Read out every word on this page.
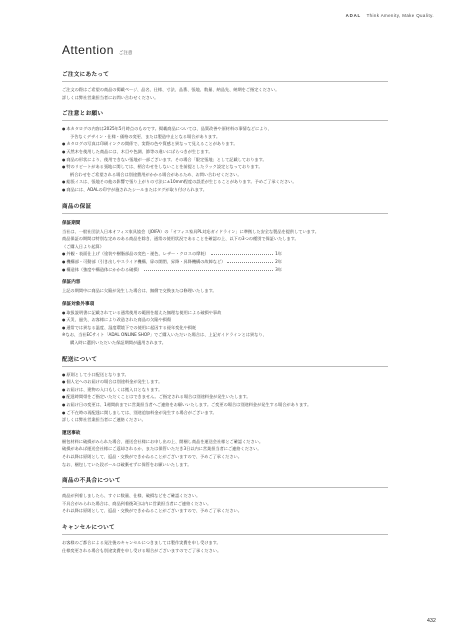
ADAL Think Amenity, Make Quality.
Attention ご注意
ご注文にあたって
ご注文の際はご希望の商品の掲載ページ、品名、仕様、寸法、品番、張地、数量、納品先、納期をご指定ください。
詳しくは弊社営業担当者にお問い合わせください。
ご注意とお願い
● 本カタログの内容は2025年5月時点のものです。掲載商品については、品質改善や原材料の事情などにより、
予告なくデザイン・仕様・価格の変更、または製造中止となる場合があります。
● カタログの写真は印刷インクの関係で、実際の色や質感と異なって見えることがあります。
● 天然木を使用した商品には、木目や色調、節等の違いにばらつきが生じます。
● 商品の形状により、使用できない張地が一部ございます。その場合「限定張地」として記載しております。
● 特のリピートがある張地に関しては、柄合わせをしないことを前提としたラック設定となっております。
柄合わせをご希望される場合は別途費用がかかる場合があるため、お問い合わせください。
● 総張イスは、張地その他の影響で張り上がりの寸法に±10mm程度の誤差が生じることがあります。予めご了承ください。
● 商品には、ADALの印字が施されたシールまたはタグが取り付けられます。
商品の保証
保証期間
当社は、一般社団法人日本オフィス家具協会（JOIFA）の「オフィス家具PL対応ガイドライン」に準拠した安全な製品を提供しています。
商品保証の期間は特別な定めのある商品を除き、通常の使用状況であることを確認の上、以下の3つの種別で保証いたします。
（ご購入日より起算）
● 外観・表面仕上げ（塗装や樹脂部品の変色・褪色、レザー・クロスの摩耗）	1年
● 機構部・可動部（引き出しやスライド機構、扉の開閉、昇降・昇降機構の故障など）	2年
● 構造体（強度や構造体にかかわる破損）	3年
保証内容
上記の期間中に商品に欠陥が発生した場合は、無償で交換または修理いたします。
保証対象外事項
● 取扱説明書に記載されている通常使用の範囲を超えた無理な使用による破損や事故
● 天災、過失、お客様により改造された商品の欠陥や損傷
● 通常では異なる温度、湿度環境下での使用に起因する経年変化や損耗
※なお、当社ECサイト「ADAL ONLINE SHOP」でご購入いただいた場合は、上記ガイドラインとは異なり、
購入時に選択いただいた保証期間が適用されます。
配送について
● 原則として小口配送となります。
● 個人宅へのお届けの場合は別途料金が発生します。
● お届けは、建物の入口もしくは搬入口となります。
● 配達時間帯をご指定いただくことはできません。ご指定される場合は別途料金が発生いたします。
● お届け日の変更は、1週間前までに営業担当者へご連絡をお願いいたします。ご変更の場合は別途料金が発生する場合があります。
● ご不在時の再配達に関しましては、別途追加料金が発生する場合がございます。
詳しくは弊社営業担当者にご連絡ください。
運送事故
梱包材料に破損がみられた場合、運送会社様にお申し出の上、開梱し商品を運送会社様とご確認ください。
破損があれば運送会社様にご返却されるか、または保管いただき3日以内に営業担当者にご連絡ください。
それ以降は原則として、返品・交換ができかねることがございますので、予めご了承ください。
なお、梱包していた段ボールは破棄せずに保管をお願いいたします。
商品の不具合について
商品が到着しましたら、すぐに数量、仕様、破損などをご確認ください。
不具合がみられた場合は、商品到着後3日以内に営業担当者にご連絡ください。
それ以降は原則として、返品・交換ができかねることがございますので、予めご了承ください。
キャンセルについて
お客様のご都合による発注後のキャンセルにつきましては製作実費を申し受けます。
仕様変更される場合も別途実費を申し受ける場合がございますのでご了承ください。
432
